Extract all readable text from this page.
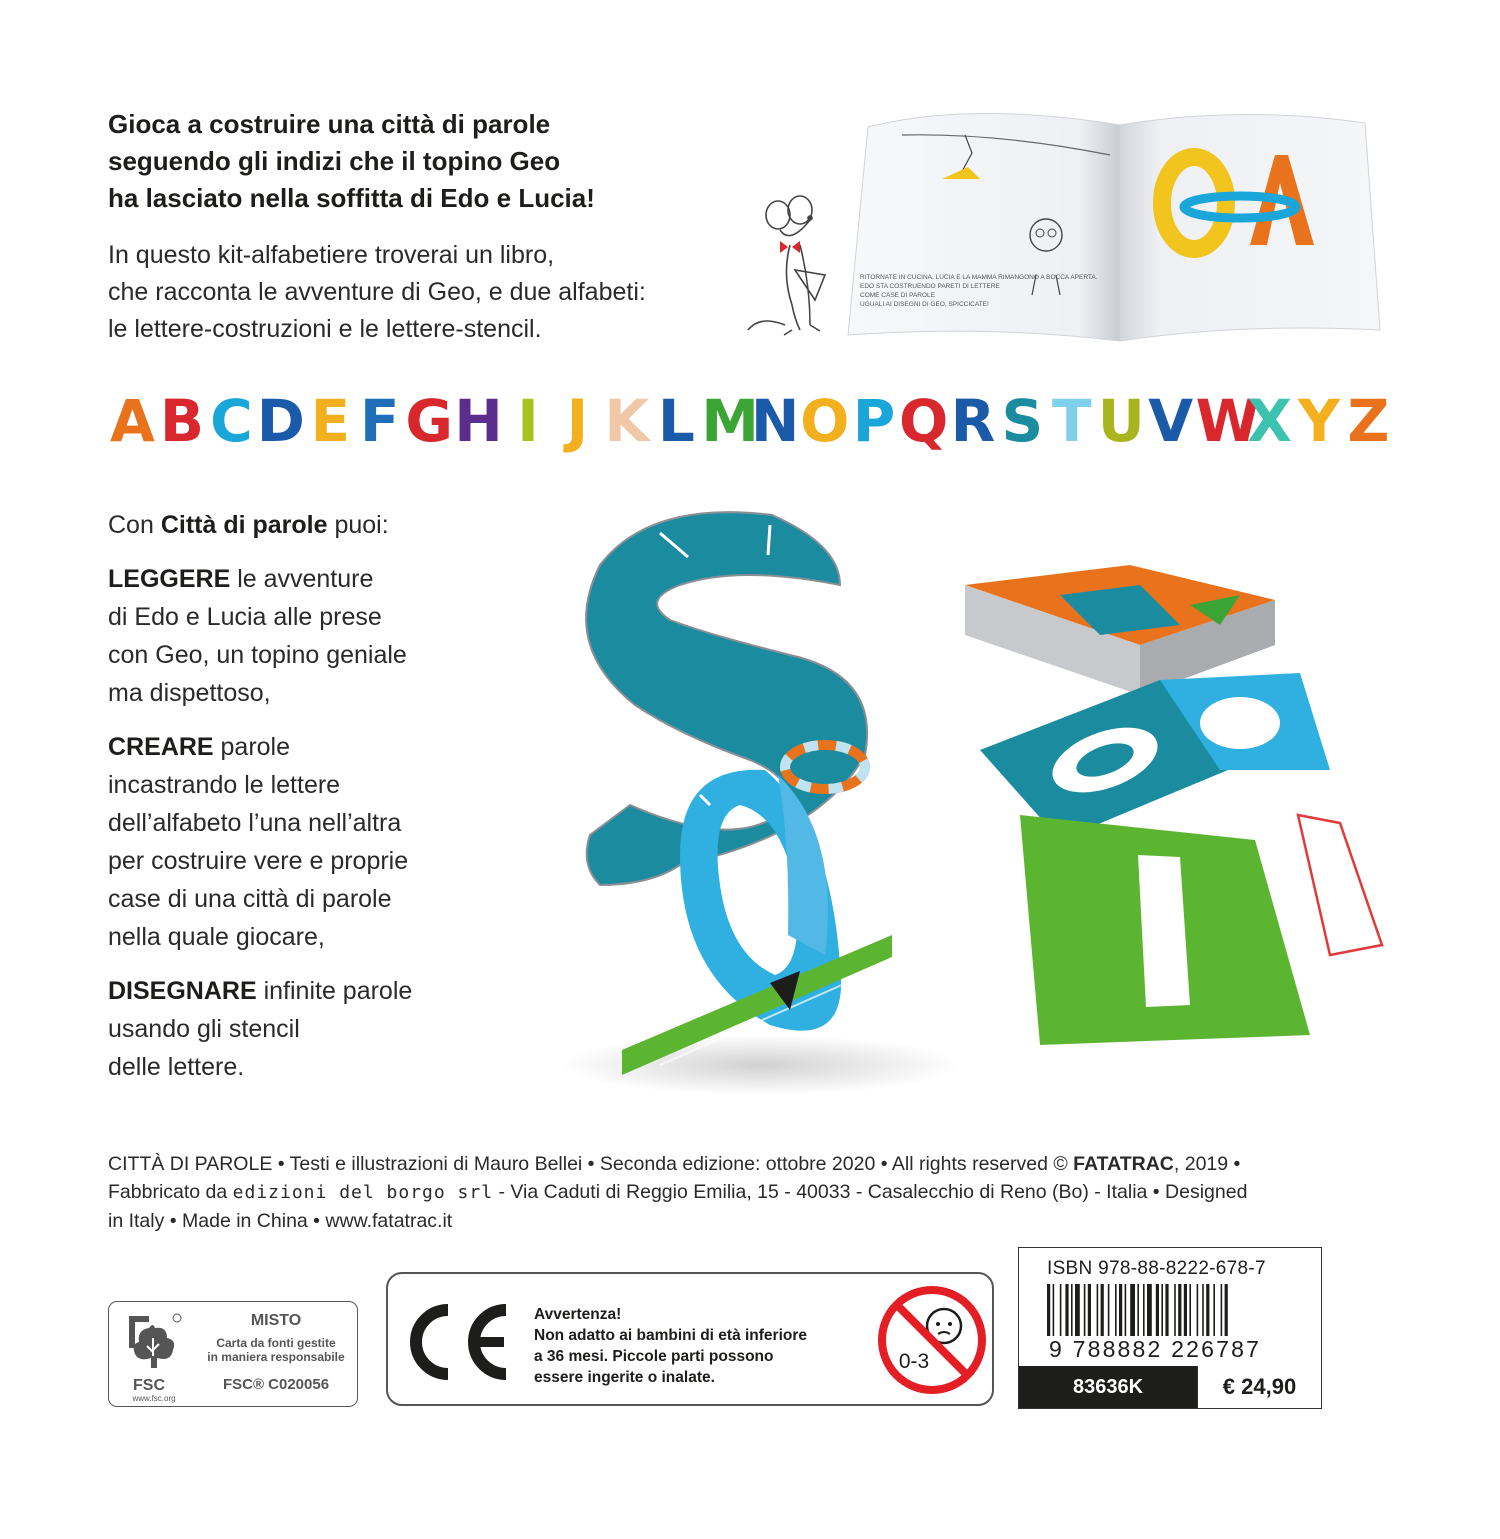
Gioca a costruire una città di parole
seguendo gli indizi che il topino Geo
ha lasciato nella soffitta di Edo e Lucia!
In questo kit-alfabetiere troverai un libro,
che racconta le avventure di Geo, e due alfabeti:
le lettere-costruzioni e le lettere-stencil.
RITORNATE IN CUCINA, LUCIA E LA MAMMA RIMANGONO A BOCCA APERTA.
EDO STA COSTRUENDO PARETI DI LETTERE
COME CASE DI PAROLE
UGUALI AI DISEGNI DI GEO, SPICCICATE!
A B C D E F G H I J K L M
N O P Q R S T U V W
X Y Z

Con Città di parole puoi:

LEGGERE le avventure
di Edo e Lucia alle prese
con Geo, un topino geniale
ma dispettoso,

CREARE parole
incastrando le lettere
dell’alfabeto l’una nell’altra
per costruire vere e proprie
case di una città di parole
nella quale giocare,

DISEGNARE infinite parole
usando gli stencil
delle lettere.

CITTÀ DI PAROLE • Testi e illustrazioni di Mauro Bellei • Seconda edizione: ottobre 2020 • All rights reserved © FATATRAC, 2019 •
Fabbricato da edizioni del borgo srl - Via Caduti di Reggio Emilia, 15 - 40033 - Casalecchio di Reno (Bo) - Italia • Designed
in Italy • Made in China • www.fatatrac.it
FSC
www.fsc.org
MISTO
Carta da fonti gestite
in maniera responsabile
FSC® C020056
Avvertenza!
Non adatto ai bambini di età inferiore
a 36 mesi. Piccole parti possono
essere ingerite o inalate.
0-3
ISBN 978-88-8222-678-7
9 788882 226787
83636K	€ 24,90
